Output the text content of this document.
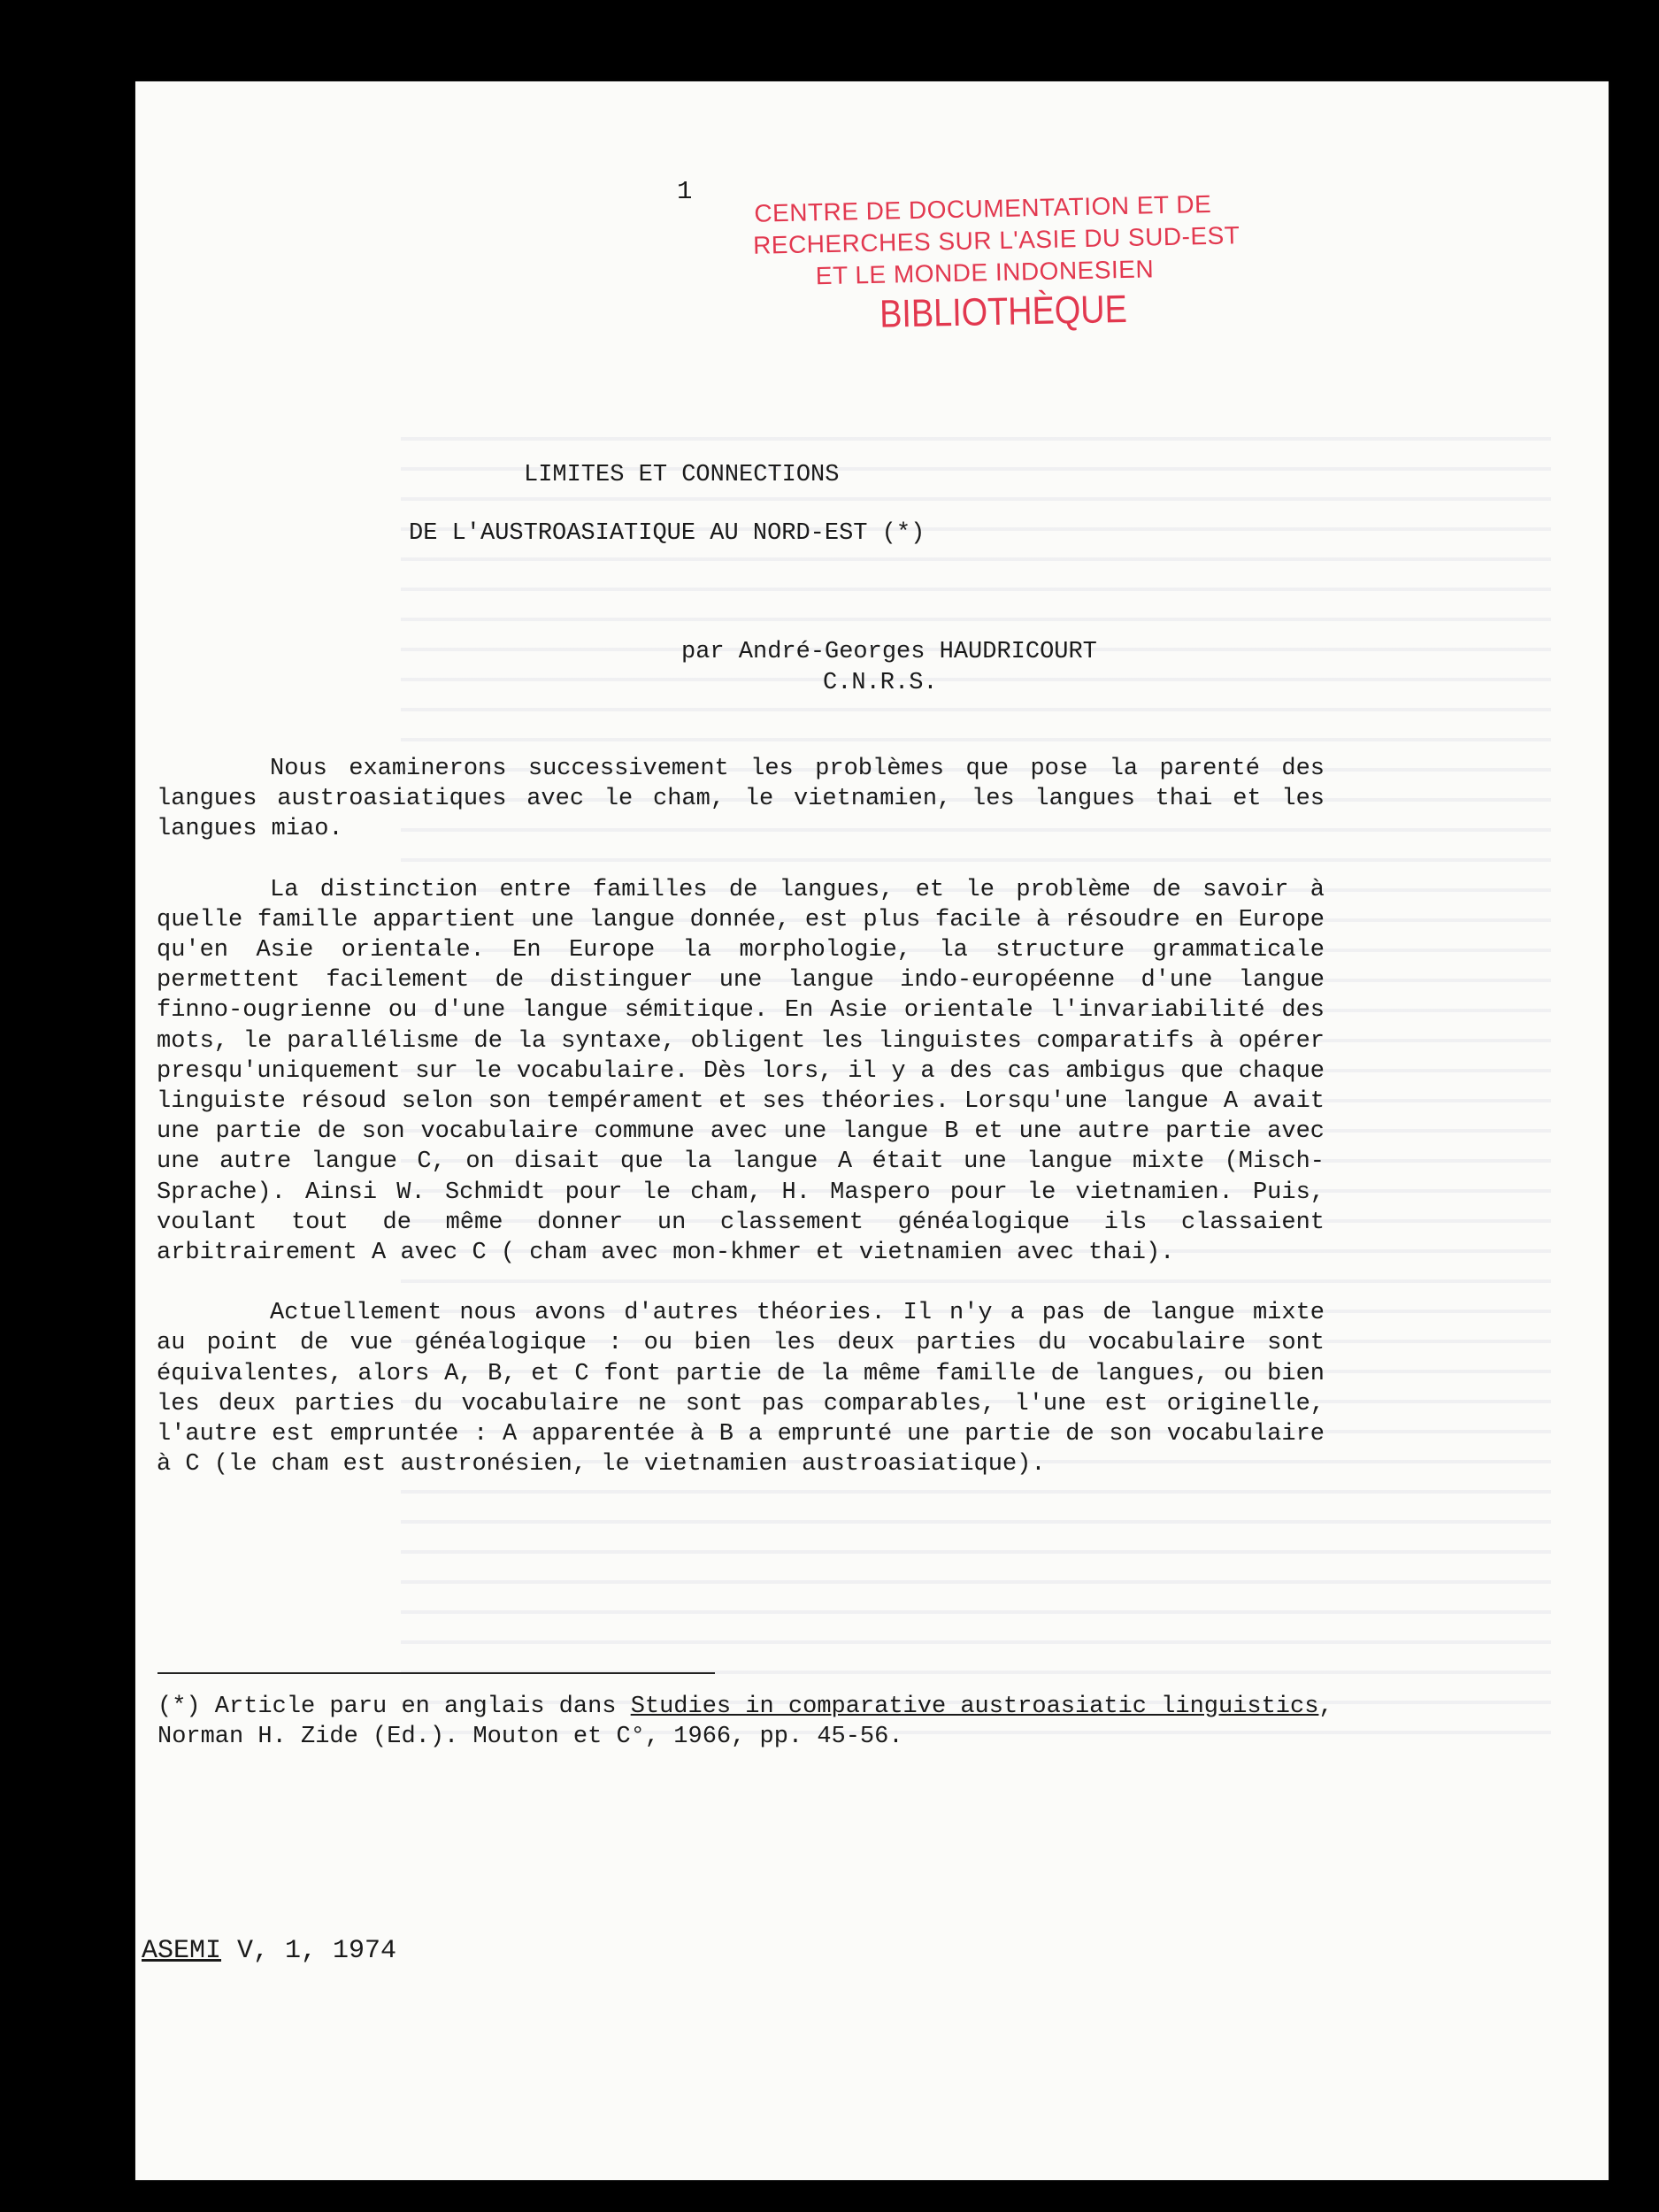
1	CENTRE DE DOCUMENTATION ET DE
RECHERCHES SUR L'ASIE DU SUD-EST
ET LE MONDE INDONESIEN
BIBLIOTHÈQUE
LIMITES ET CONNECTIONS
DE L'AUSTROASIATIQUE AU NORD-EST (*)
par André-Georges HAUDRICOURT
C.N.R.S.

Nous examinerons successivement les problèmes que pose la parenté des langues austroasiatiques avec le cham, le vietnamien, les langues thai et les langues miao.

La distinction entre familles de langues, et le problème de savoir à quelle famille appartient une langue donnée, est plus facile à résoudre en Europe qu'en Asie orientale. En Europe la morphologie, la structure grammaticale permettent facilement de distinguer une langue indo-européenne d'une langue finno-ougrienne ou d'une langue sémitique. En Asie orientale l'invariabilité des mots, le parallélisme de la syntaxe, obligent les linguistes comparatifs à opérer presqu'uniquement sur le vocabulaire. Dès lors, il y a des cas ambigus que chaque linguiste résoud selon son tempérament et ses théories. Lorsqu'une langue A avait une partie de son vocabulaire commune avec une langue B et une autre partie avec une autre langue C, on disait que la langue A était une langue mixte (Misch-Sprache). Ainsi W. Schmidt pour le cham, H. Maspero pour le vietnamien. Puis, voulant tout de même donner un classement généalogique ils classaient arbitrairement A avec C ( cham avec mon-khmer et vietnamien avec thai).

Actuellement nous avons d'autres théories. Il n'y a pas de langue mixte au point de vue généalogique : ou bien les deux parties du vocabulaire sont équivalentes, alors A, B, et C font partie de la même famille de langues, ou bien les deux parties du vocabulaire ne sont pas comparables, l'une est originelle, l'autre est empruntée : A apparentée à B a emprunté une partie de son vocabulaire à C (le cham est austronésien, le vietnamien austroasiatique).

(*) Article paru en anglais dans Studies in comparative austroasiatic linguistics, Norman H. Zide (Ed.). Mouton et C°, 1966, pp. 45-56.
ASEMI V, 1, 1974
